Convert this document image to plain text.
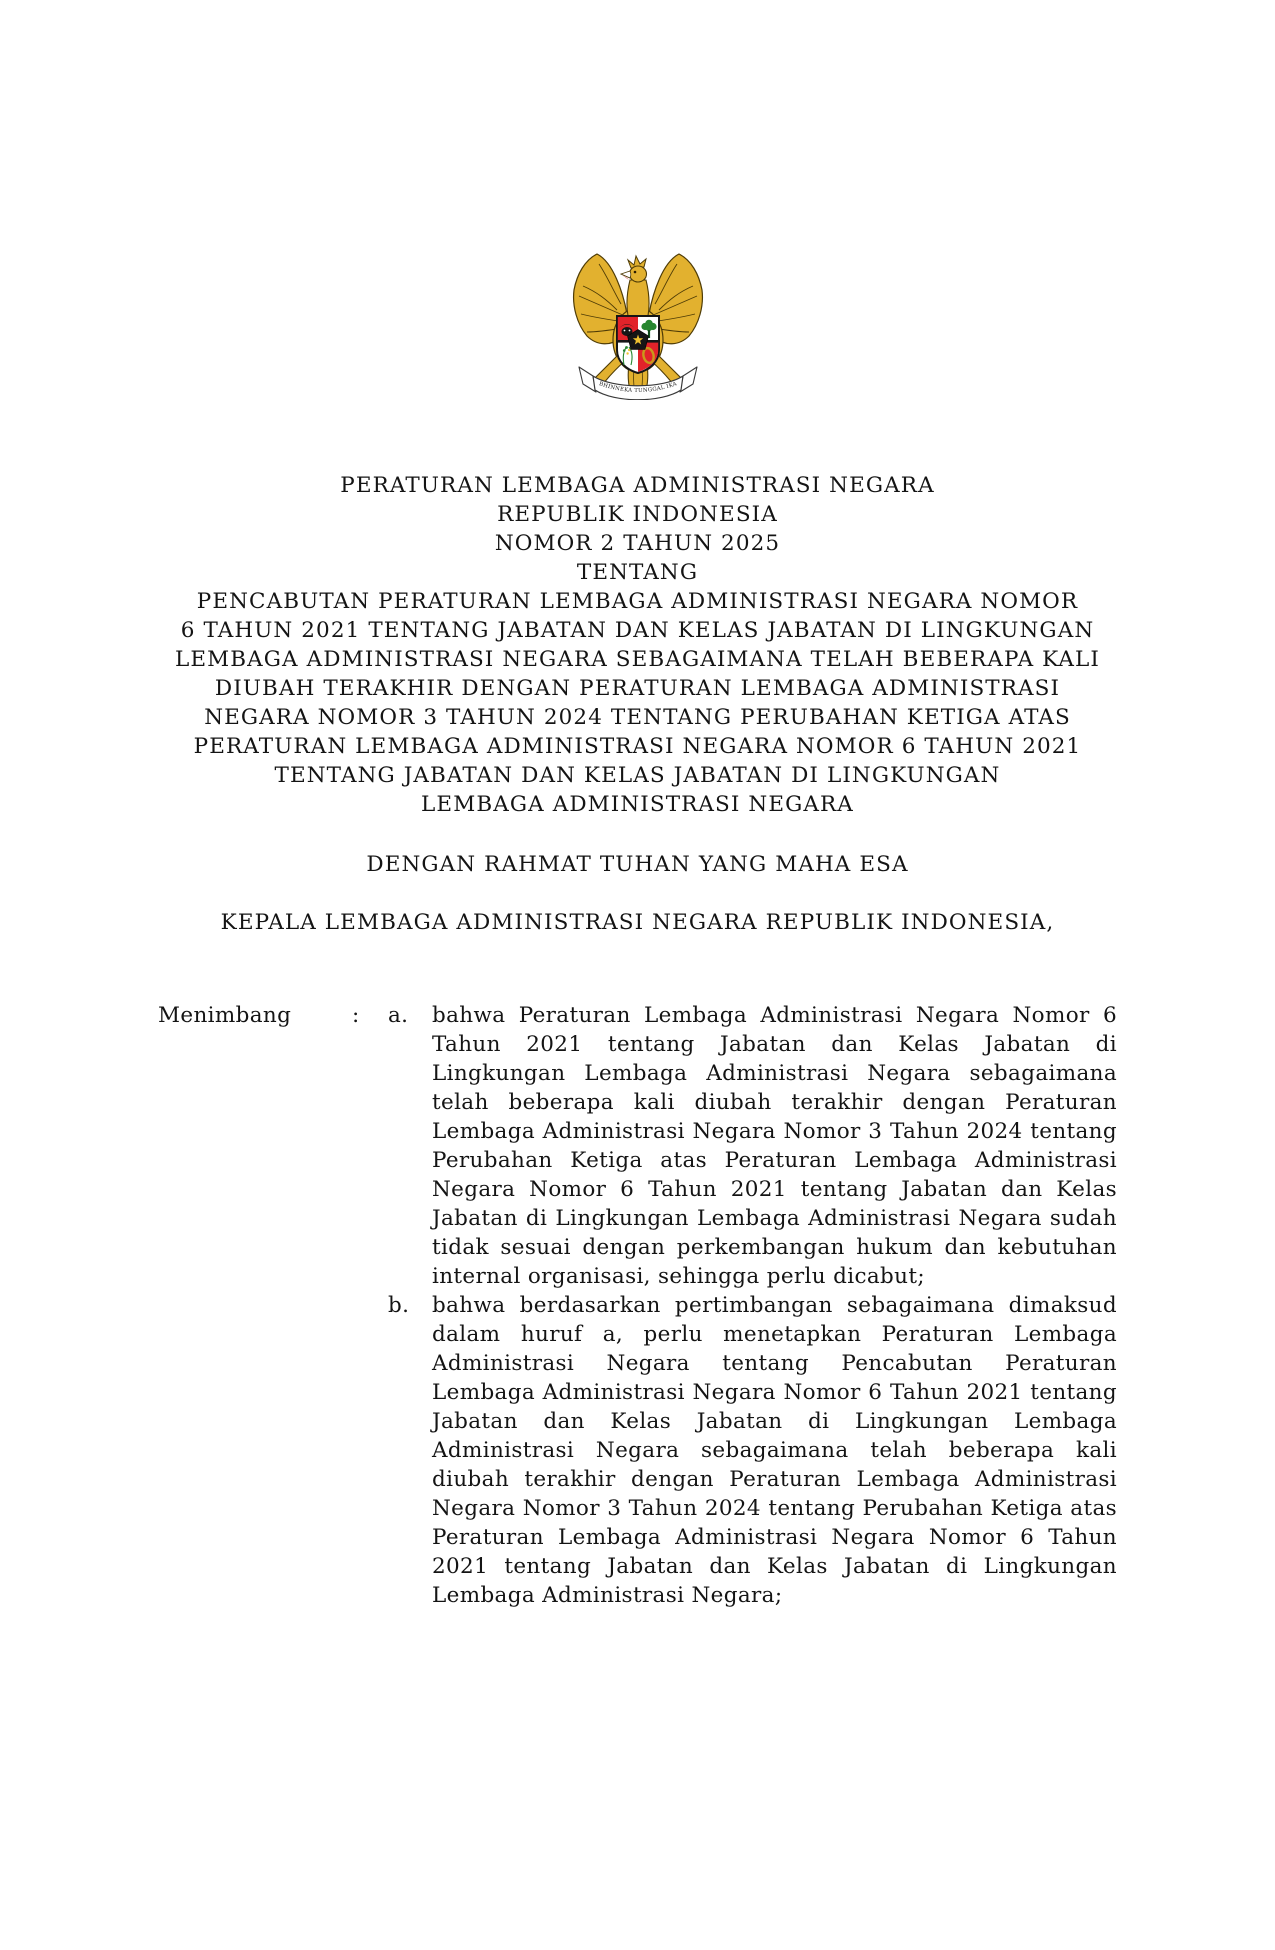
BHINNEKA TUNGGAL IKA
PERATURAN LEMBAGA ADMINISTRASI NEGARA
REPUBLIK INDONESIA
NOMOR 2 TAHUN 2025
TENTANG
PENCABUTAN PERATURAN LEMBAGA ADMINISTRASI NEGARA NOMOR
6 TAHUN 2021 TENTANG JABATAN DAN KELAS JABATAN DI LINGKUNGAN
LEMBAGA ADMINISTRASI NEGARA SEBAGAIMANA TELAH BEBERAPA KALI
DIUBAH TERAKHIR DENGAN PERATURAN LEMBAGA ADMINISTRASI
NEGARA NOMOR 3 TAHUN 2024 TENTANG PERUBAHAN KETIGA ATAS
PERATURAN LEMBAGA ADMINISTRASI NEGARA NOMOR 6 TAHUN 2021
TENTANG JABATAN DAN KELAS JABATAN DI LINGKUNGAN
LEMBAGA ADMINISTRASI NEGARA
DENGAN RAHMAT TUHAN YANG MAHA ESA
KEPALA LEMBAGA ADMINISTRASI NEGARA REPUBLIK INDONESIA,
Menimbang	:	a.	bahwa Peraturan Lembaga Administrasi Negara Nomor 6 Tahun 2021 tentang Jabatan dan Kelas Jabatan di Lingkungan Lembaga Administrasi Negara sebagaimana telah beberapa kali diubah terakhir dengan Peraturan Lembaga Administrasi Negara Nomor 3 Tahun 2024 tentang Perubahan Ketiga atas Peraturan Lembaga Administrasi Negara Nomor 6 Tahun 2021 tentang Jabatan dan Kelas Jabatan di Lingkungan Lembaga Administrasi Negara sudah tidak sesuai dengan perkembangan hukum dan kebutuhan internal organisasi, sehingga perlu dicabut;
b.	bahwa berdasarkan pertimbangan sebagaimana dimaksud dalam huruf a, perlu menetapkan Peraturan Lembaga Administrasi Negara tentang Pencabutan Peraturan Lembaga Administrasi Negara Nomor 6 Tahun 2021 tentang Jabatan dan Kelas Jabatan di Lingkungan Lembaga Administrasi Negara sebagaimana telah beberapa kali diubah terakhir dengan Peraturan Lembaga Administrasi Negara Nomor 3 Tahun 2024 tentang Perubahan Ketiga atas Peraturan Lembaga Administrasi Negara Nomor 6 Tahun 2021 tentang Jabatan dan Kelas Jabatan di Lingkungan Lembaga Administrasi Negara;
